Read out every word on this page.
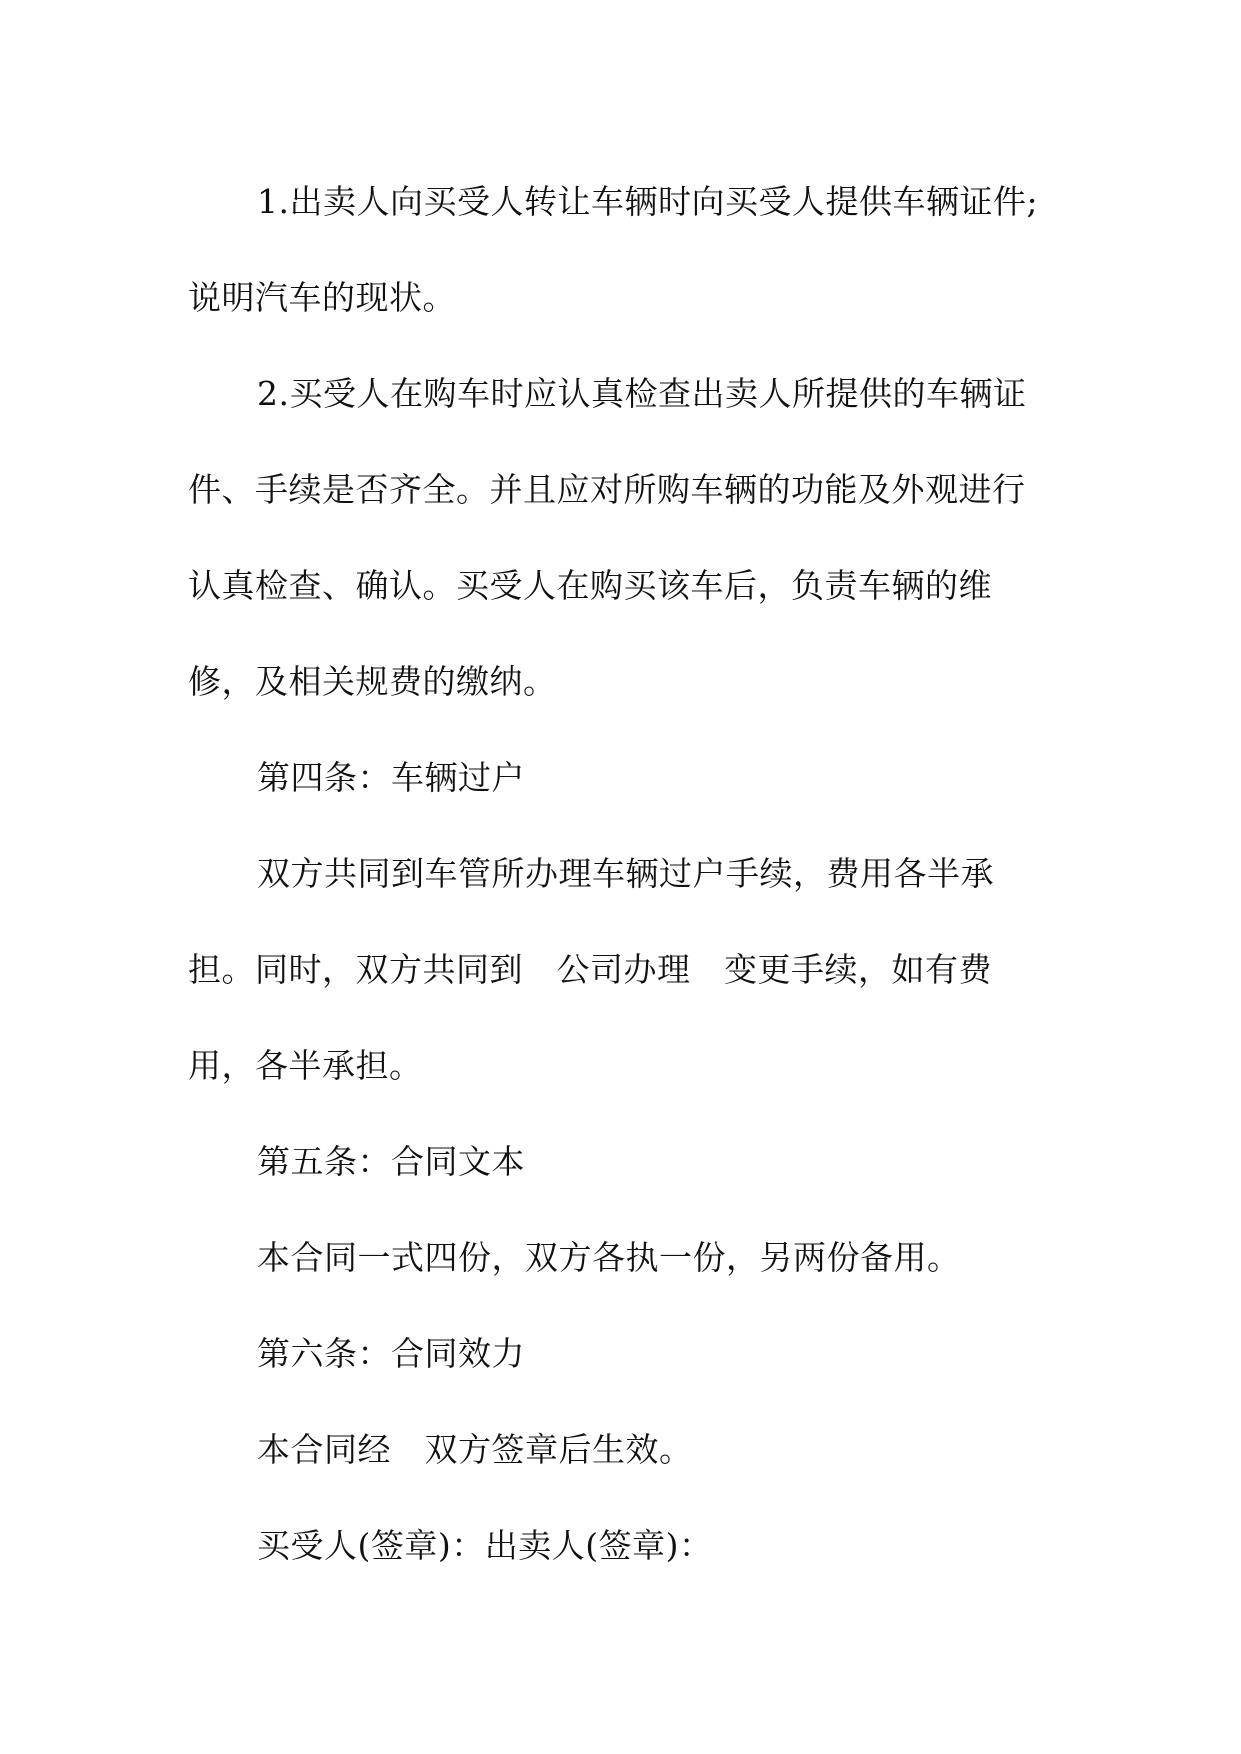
1.出卖人向买受人转让车辆时向买受人提供车辆证件;

说明汽车的现状。

2.买受人在购车时应认真检查出卖人所提供的车辆证

件、手续是否齐全。并且应对所购车辆的功能及外观进行

认真检查、确认。买受人在购买该车后，负责车辆的维

修，及相关规费的缴纳。

第四条：车辆过户

双方共同到车管所办理车辆过户手续，费用各半承

担。同时，双方共同到　公司办理　变更手续，如有费

用，各半承担。

第五条：合同文本

本合同一式四份，双方各执一份，另两份备用。

第六条：合同效力

本合同经　双方签章后生效。

买受人(签章)：出卖人(签章)：
